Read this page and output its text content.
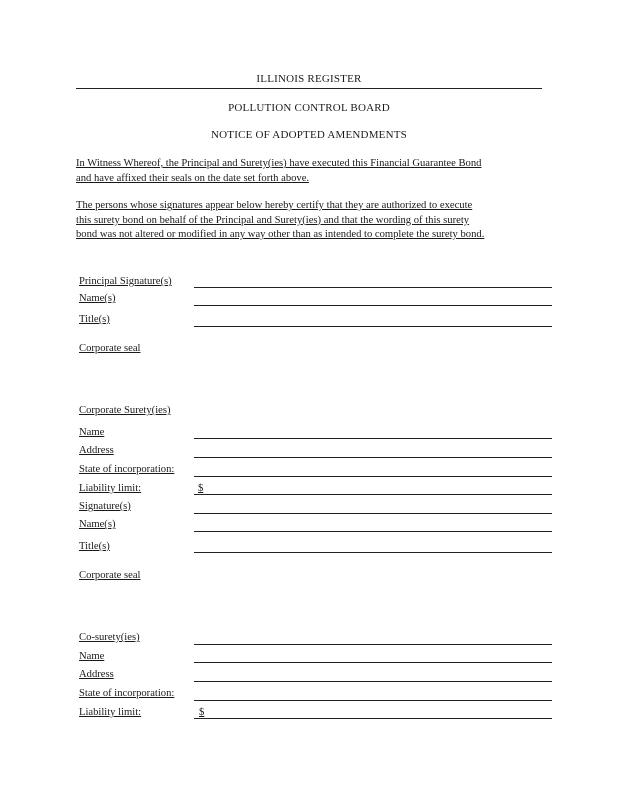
ILLINOIS REGISTER
POLLUTION CONTROL BOARD
NOTICE OF ADOPTED AMENDMENTS
In Witness Whereof, the Principal and Surety(ies) have executed this Financial Guarantee Bond
and have affixed their seals on the date set forth above.
The persons whose signatures appear below hereby certify that they are authorized to execute
this surety bond on behalf of the Principal and Surety(ies) and that the wording of this surety
bond was not altered or modified in any way other than as intended to complete the surety bond.
Principal Signature(s)
Name(s)
Title(s)
Corporate seal
Corporate Surety(ies)
Name
Address
State of incorporation:
Liability limit:	$
Signature(s)
Name(s)
Title(s)
Corporate seal
Co-surety(ies)
Name
Address
State of incorporation:
Liability limit:	$
